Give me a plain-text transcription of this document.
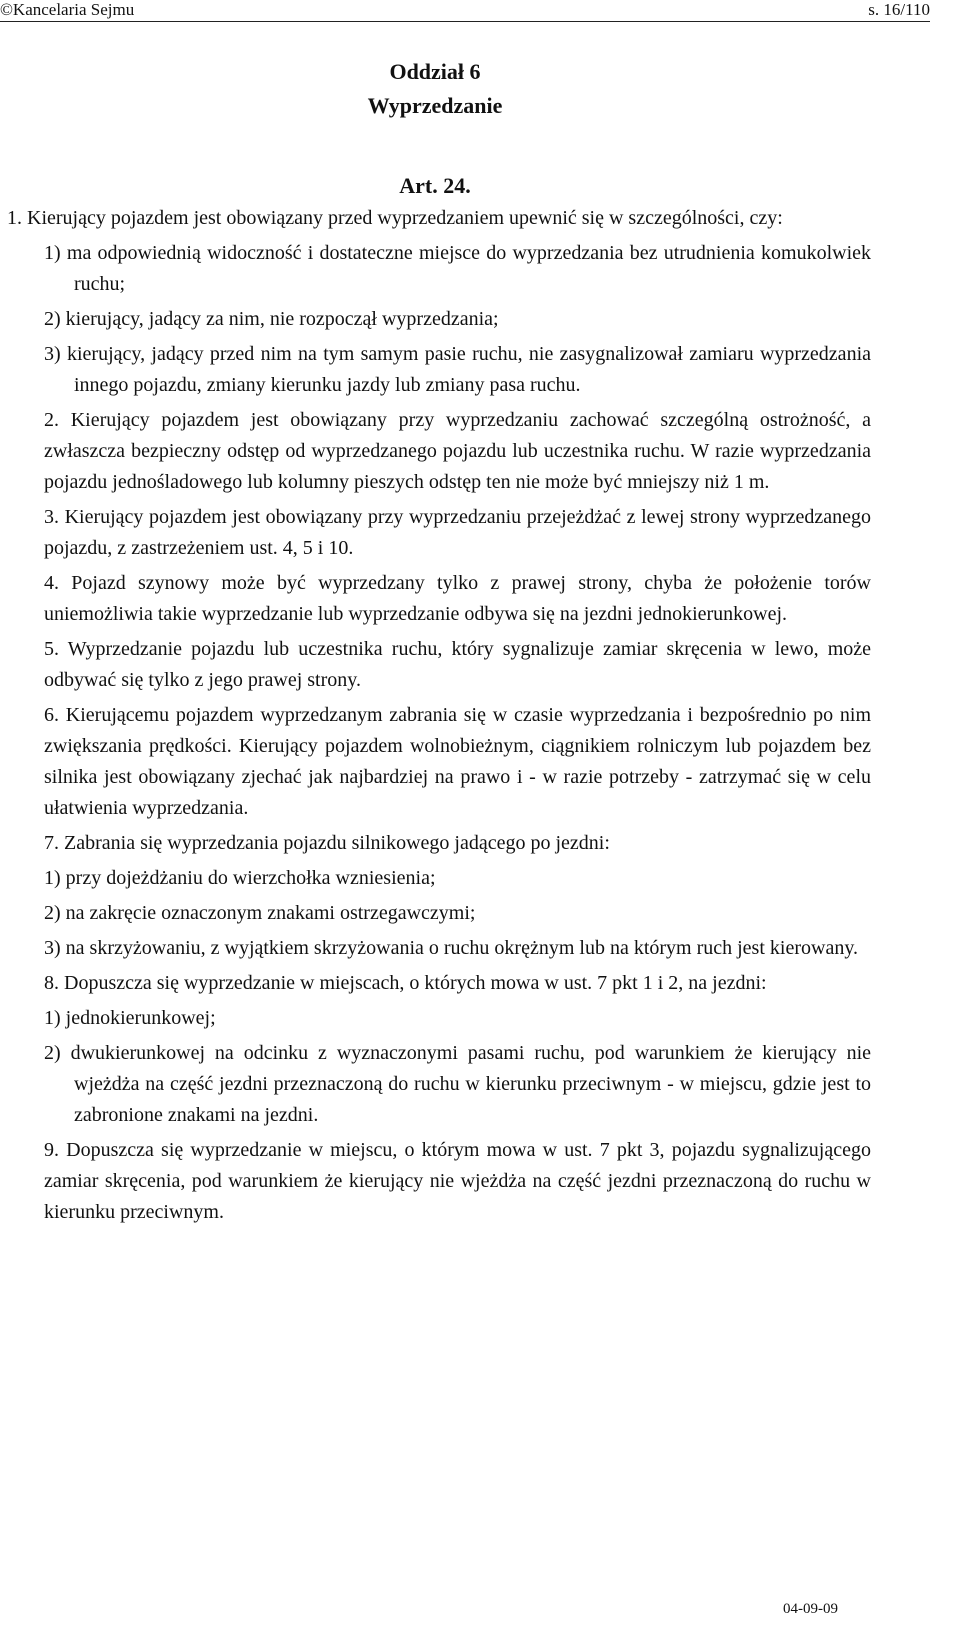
©Kancelaria Sejmu	s. 16/110
Oddział 6
Wyprzedzanie
Art. 24.

1. Kierujący pojazdem jest obowiązany przed wyprzedzaniem upewnić się w szczególności, czy:

1) ma odpowiednią widoczność i dostateczne miejsce do wyprzedzania bez utrudnienia komukolwiek ruchu;

2) kierujący, jadący za nim, nie rozpoczął wyprzedzania;

3) kierujący, jadący przed nim na tym samym pasie ruchu, nie zasygnalizował zamiaru wyprzedzania innego pojazdu, zmiany kierunku jazdy lub zmiany pasa ruchu.

2. Kierujący pojazdem jest obowiązany przy wyprzedzaniu zachować szczególną ostrożność, a zwłaszcza bezpieczny odstęp od wyprzedzanego pojazdu lub uczestnika ruchu. W razie wyprzedzania pojazdu jednośladowego lub kolumny pieszych odstęp ten nie może być mniejszy niż 1 m.

3. Kierujący pojazdem jest obowiązany przy wyprzedzaniu przejeżdżać z lewej strony wyprzedzanego pojazdu, z zastrzeżeniem ust. 4, 5 i 10.

4. Pojazd szynowy może być wyprzedzany tylko z prawej strony, chyba że położenie torów uniemożliwia takie wyprzedzanie lub wyprzedzanie odbywa się na jezdni jednokierunkowej.

5. Wyprzedzanie pojazdu lub uczestnika ruchu, który sygnalizuje zamiar skręcenia w lewo, może odbywać się tylko z jego prawej strony.

6. Kierującemu pojazdem wyprzedzanym zabrania się w czasie wyprzedzania i bezpośrednio po nim zwiększania prędkości. Kierujący pojazdem wolnobieżnym, ciągnikiem rolniczym lub pojazdem bez silnika jest obowiązany zjechać jak najbardziej na prawo i - w razie potrzeby - zatrzymać się w celu ułatwienia wyprzedzania.

7. Zabrania się wyprzedzania pojazdu silnikowego jadącego po jezdni:

1) przy dojeżdżaniu do wierzchołka wzniesienia;

2) na zakręcie oznaczonym znakami ostrzegawczymi;

3) na skrzyżowaniu, z wyjątkiem skrzyżowania o ruchu okrężnym lub na którym ruch jest kierowany.

8. Dopuszcza się wyprzedzanie w miejscach, o których mowa w ust. 7 pkt 1 i 2, na jezdni:

1) jednokierunkowej;

2) dwukierunkowej na odcinku z wyznaczonymi pasami ruchu, pod warunkiem że kierujący nie wjeżdża na część jezdni przeznaczoną do ruchu w kierunku przeciwnym - w miejscu, gdzie jest to zabronione znakami na jezdni.

9. Dopuszcza się wyprzedzanie w miejscu, o którym mowa w ust. 7 pkt 3, pojazdu sygnalizującego zamiar skręcenia, pod warunkiem że kierujący nie wjeżdża na część jezdni przeznaczoną do ruchu w kierunku przeciwnym.

04-09-09
